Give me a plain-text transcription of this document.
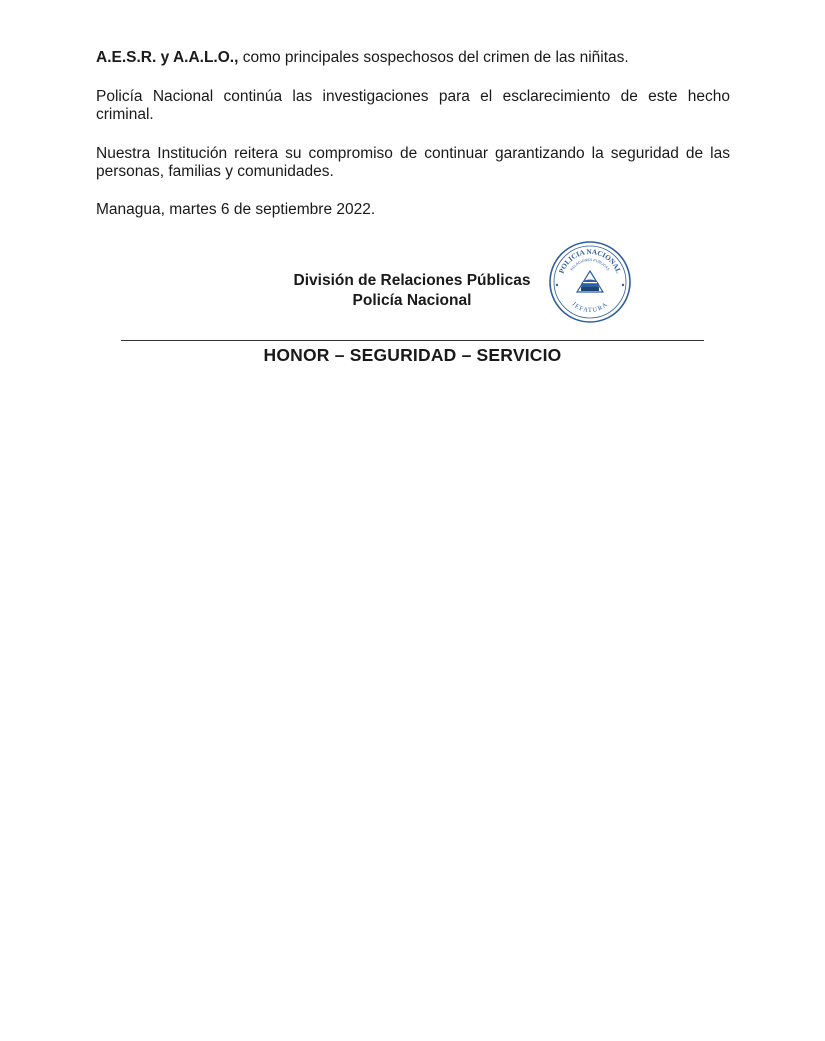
A.E.S.R. y A.A.L.O., como principales sospechosos del crimen de las niñitas.

Policía Nacional continúa las investigaciones para el esclarecimiento de este hecho criminal.

Nuestra Institución reitera su compromiso de continuar garantizando la seguridad de las personas, familias y comunidades.

Managua, martes 6 de septiembre 2022.

División de Relaciones Públicas
Policía Nacional
POLICIA NACIONAL
RELACIONES PUBLICAS
JEFATURA
HONOR – SEGURIDAD – SERVICIO
